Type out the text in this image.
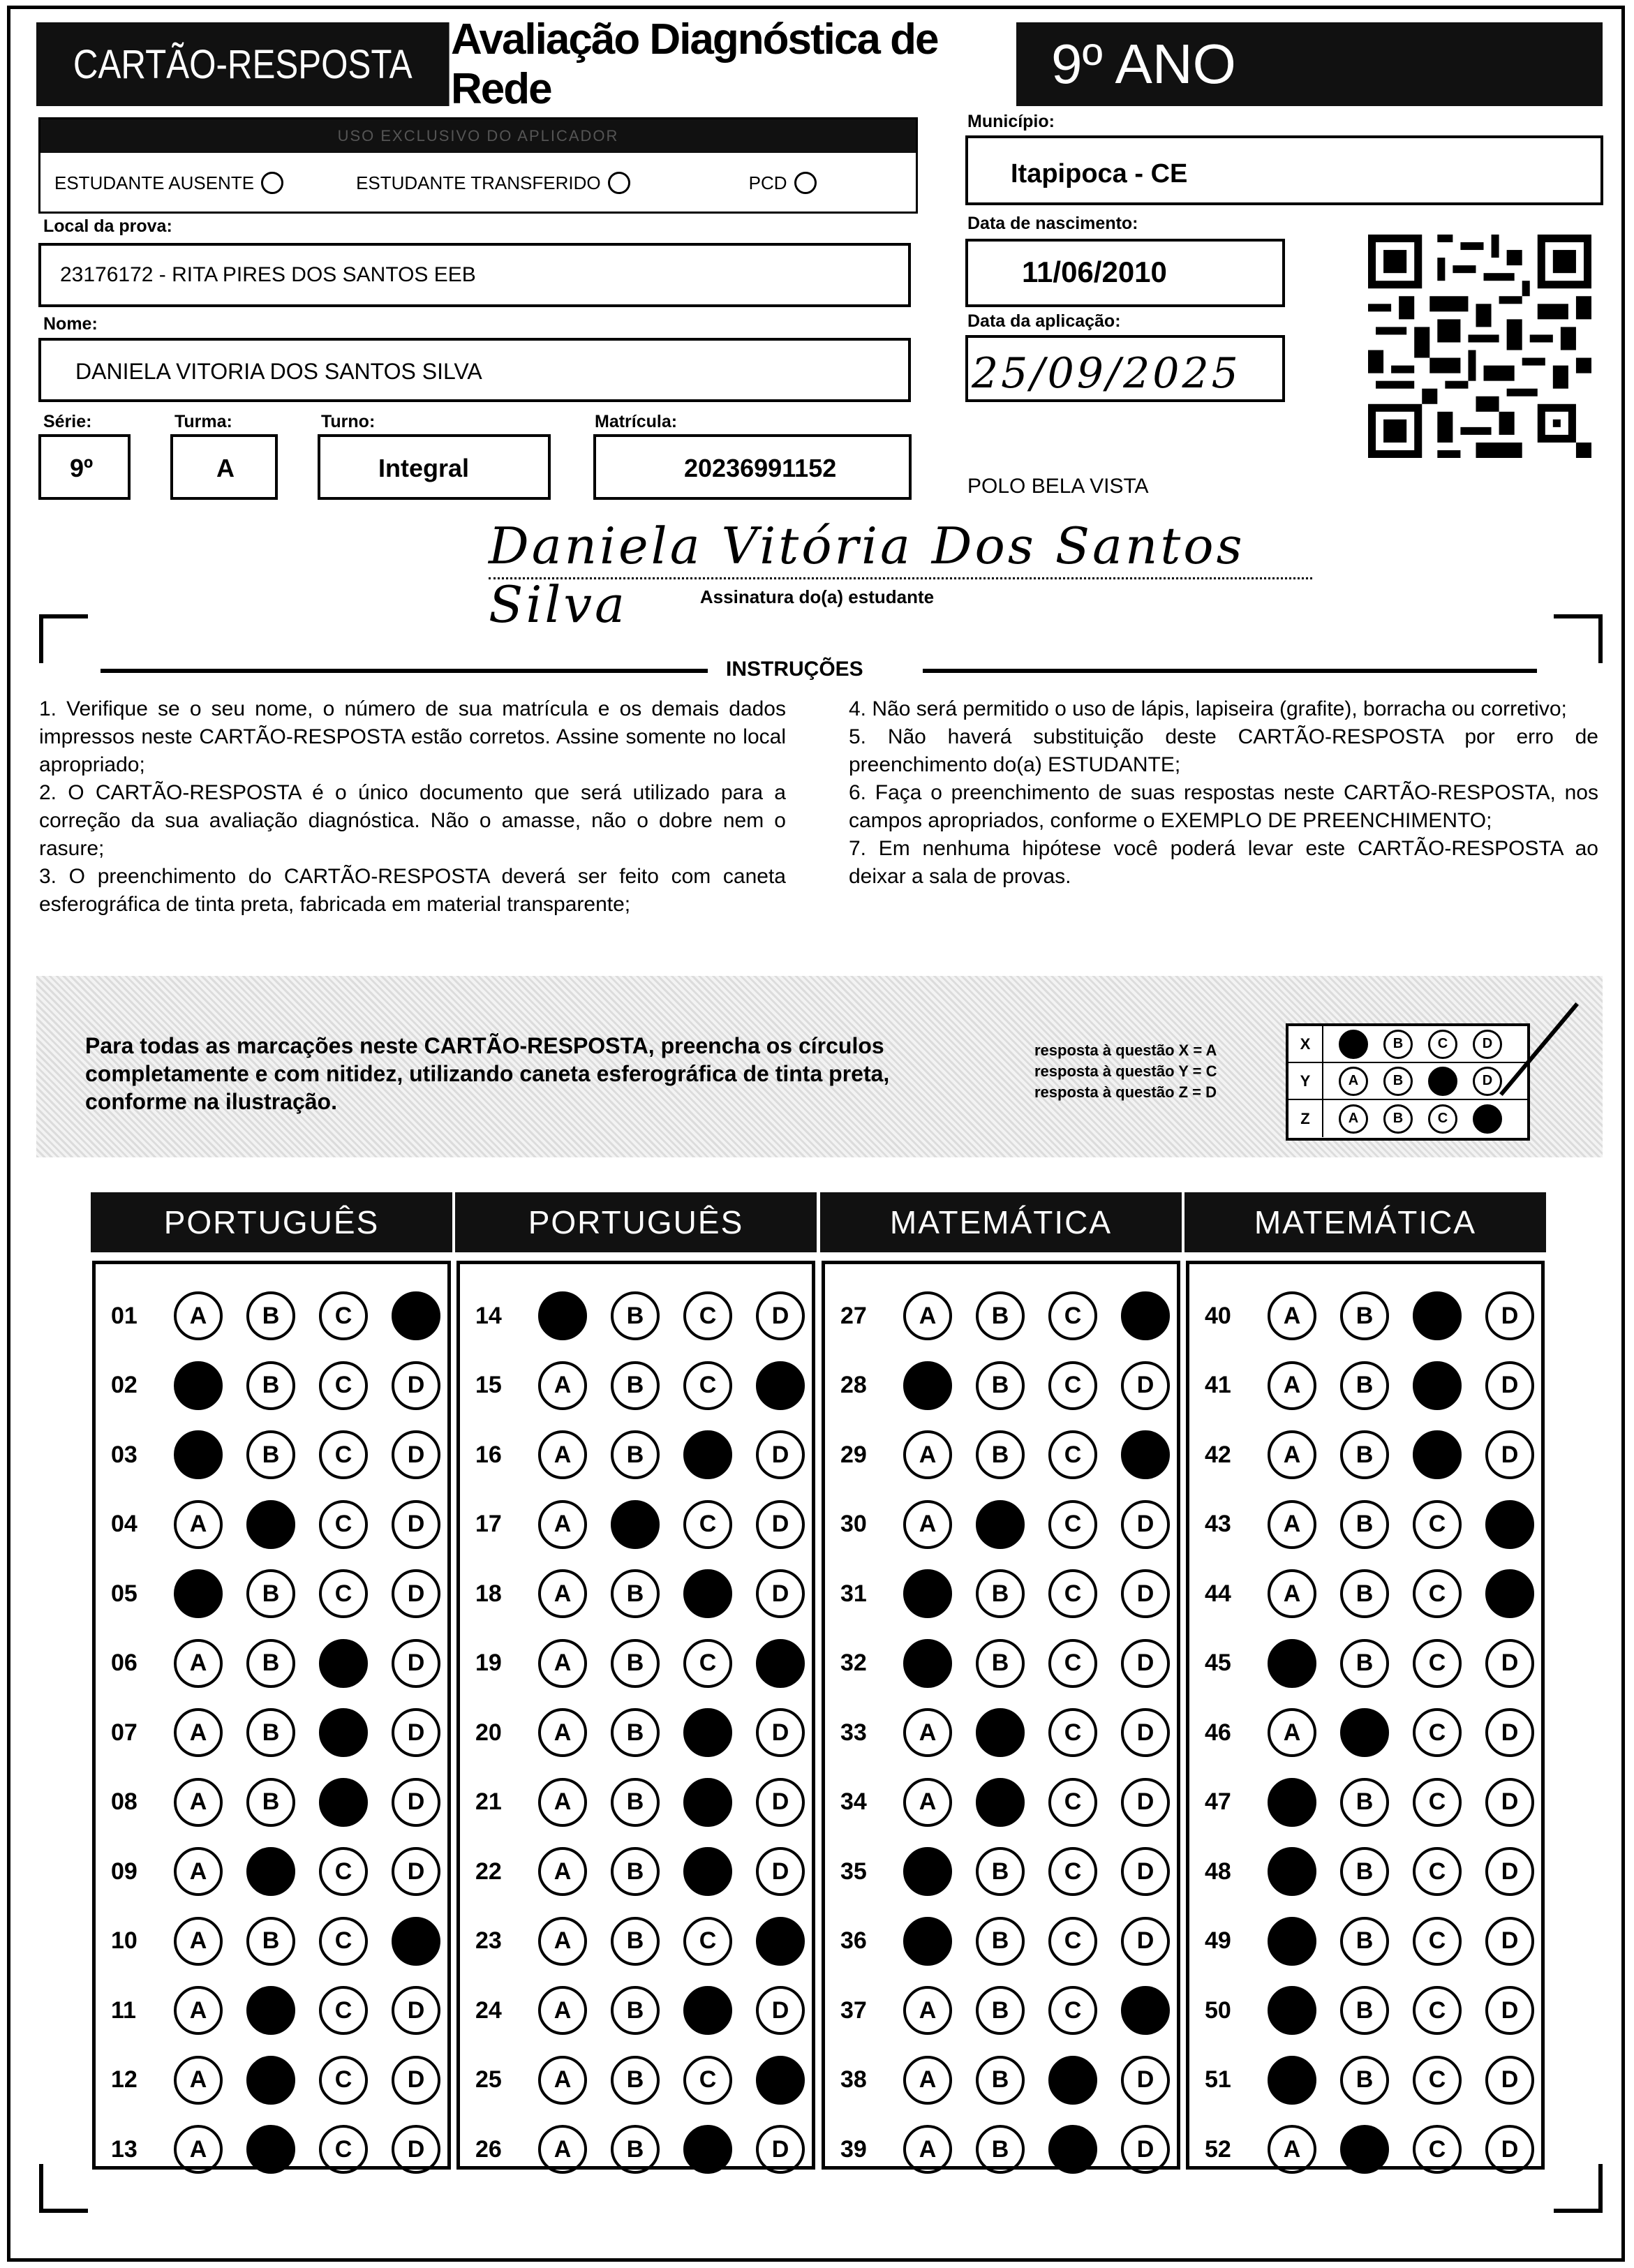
CARTÃO-RESPOSTA
Avaliação Diagnóstica de Rede	9º ANO
USO EXCLUSIVO DO APLICADOR
ESTUDANTE AUSENTE	ESTUDANTE TRANSFERIDO	PCD
Local da prova:
23176172 - RITA PIRES DOS SANTOS EEB
Nome:
DANIELA VITORIA DOS SANTOS SILVA
Série:
9º
Turma:
A
Turno:
Integral
Matrícula:
20236991152
Município:
Itapipoca - CE
Data de nascimento:
11/06/2010
Data da aplicação:
25/09/2025
POLO BELA VISTA
Daniela Vitória Dos Santos Silva	Assinatura do(a) estudante
INSTRUÇÕES

1. Verifique se o seu nome, o número de sua matrícula e os demais dados impressos neste CARTÃO-RESPOSTA estão corretos. Assine somente no local apropriado;

2. O CARTÃO-RESPOSTA é o único documento que será utilizado para a correção da sua avaliação diagnóstica. Não o amasse, não o dobre nem o rasure;

3. O preenchimento do CARTÃO-RESPOSTA deverá ser feito com caneta esferográfica de tinta preta, fabricada em material transparente;

4. Não será permitido o uso de lápis, lapiseira (grafite), borracha ou corretivo;

5. Não haverá substituição deste CARTÃO-RESPOSTA por erro de preenchimento do(a) ESTUDANTE;

6. Faça o preenchimento de suas respostas neste CARTÃO-RESPOSTA, nos campos apropriados, conforme o EXEMPLO DE PREENCHIMENTO;

7. Em nenhuma hipótese você poderá levar este CARTÃO-RESPOSTA ao deixar a sala de provas.

Para todas as marcações neste CARTÃO-RESPOSTA, preencha os círculos completamente e com nitidez, utilizando caneta esferográfica de tinta preta, conforme na ilustração.
resposta à questão X = A
resposta à questão Y = C
resposta à questão Z = D
X	A	B	C	D
Y	A	B	C	D
Z	A	B	C	D
PORTUGUÊS
01	A	B	C	D
02	A	B	C	D
03	A	B	C	D
04	A	B	C	D
05	A	B	C	D
06	A	B	C	D
07	A	B	C	D
08	A	B	C	D
09	A	B	C	D
10	A	B	C	D
11	A	B	C	D
12	A	B	C	D
13	A	B	C	D
PORTUGUÊS
14	A	B	C	D
15	A	B	C	D
16	A	B	C	D
17	A	B	C	D
18	A	B	C	D
19	A	B	C	D
20	A	B	C	D
21	A	B	C	D
22	A	B	C	D
23	A	B	C	D
24	A	B	C	D
25	A	B	C	D
26	A	B	C	D
MATEMÁTICA
27	A	B	C	D
28	A	B	C	D
29	A	B	C	D
30	A	B	C	D
31	A	B	C	D
32	A	B	C	D
33	A	B	C	D
34	A	B	C	D
35	A	B	C	D
36	A	B	C	D
37	A	B	C	D
38	A	B	C	D
39	A	B	C	D
MATEMÁTICA
40	A	B	C	D
41	A	B	C	D
42	A	B	C	D
43	A	B	C	D
44	A	B	C	D
45	A	B	C	D
46	A	B	C	D
47	A	B	C	D
48	A	B	C	D
49	A	B	C	D
50	A	B	C	D
51	A	B	C	D
52	A	B	C	D
